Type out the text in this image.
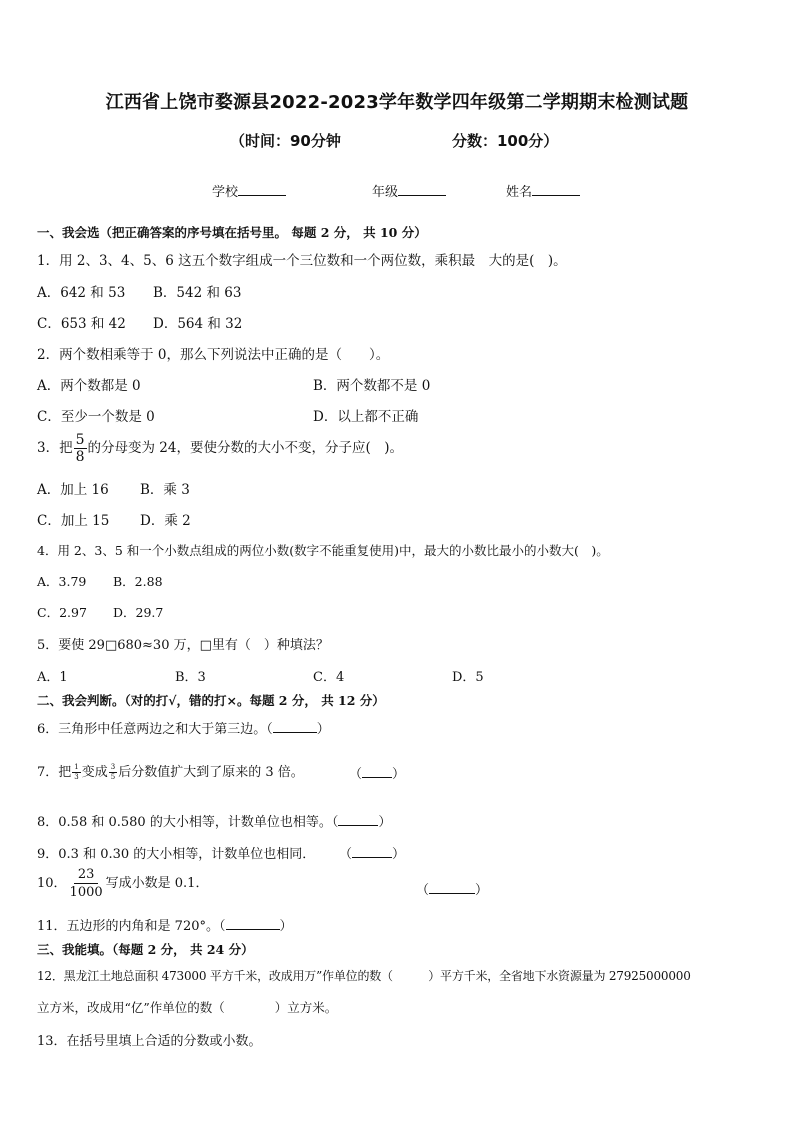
江西省上饶市婺源县2022-2023学年数学四年级第二学期期末检测试题
（时间：90分钟	分数：100分）
学校	年级	姓名
一、我会选（把正确答案的序号填在括号里。 每题 2 分， 共 10 分）
1．用 2、3、4、5、6 这五个数字组成一个三位数和一个两位数，乘积最　大的是(　)。
A．642 和 53 B．542 和 63
C．653 和 42 D．564 和 32
2．两个数相乘等于 0，那么下列说法中正确的是（　　）。
A．两个数都是 0	B．两个数都不是 0
C．至少一个数是 0	D．以上都不正确
3．把 $\frac{5}{8}$ 的分母变为 24，要使分数的大小不变，分子应(　)。
A．加上 16 B．乘 3
C．加上 15 D．乘 2
4．用 2、3、5 和一个小数点组成的两位小数(数字不能重复使用)中，最大的小数比最小的小数大(　)。
A．3.79 B．2.88
C．2.97 D．29.7
5．要使 29□680≈30 万，□里有（　）种填法？
A．1	B．3	C．4	D．5
二、我会判断。（对的打√，错的打×。每题 2 分， 共 12 分）
6．三角形中任意两边之和大于第三边。（	）
7．把 $\frac{1}{3}$ 变成 $\frac{3}{5}$ 后分数值扩大到了原来的 3 倍。	（ ）
8．0.58 和 0.580 的大小相等，计数单位也相等。（	）
9．0.3 和 0.30 的大小相等，计数单位也相同． （	）
10． $\frac{23}{1000}$ 写成小数是 0.1．	（	）
11．五边形的内角和是 720°。（	）
三、我能填。（每题 2 分， 共 24 分）
12．黑龙江土地总面积 473000 平方千米，改成用万”作单位的数（　　　）平方千米，全省地下水资源量为 27925000000
立方米，改成用“亿”作单位的数（　　　　）立方米。
13．在括号里填上合适的分数或小数。
